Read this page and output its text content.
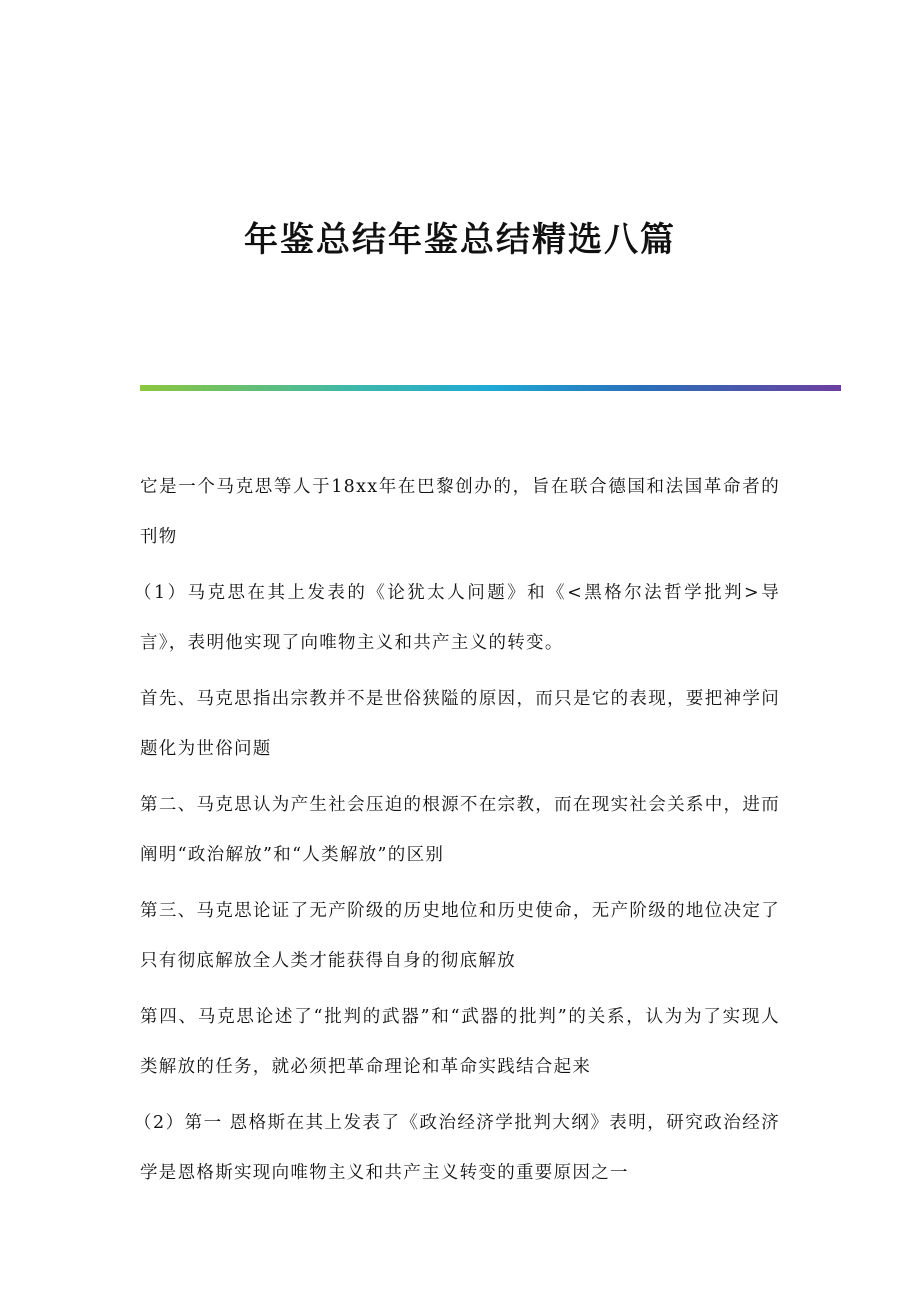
年鉴总结年鉴总结精选八篇

它是一个马克思等人于18xx年在巴黎创办的，旨在联合德国和法国革命者的刊物

（1）马克思在其上发表的《论犹太人问题》和《<黑格尔法哲学批判>导言》，表明他实现了向唯物主义和共产主义的转变。

首先、马克思指出宗教并不是世俗狭隘的原因，而只是它的表现，要把神学问题化为世俗问题

第二、马克思认为产生社会压迫的根源不在宗教，而在现实社会关系中，进而阐明“政治解放”和“人类解放”的区别

第三、马克思论证了无产阶级的历史地位和历史使命，无产阶级的地位决定了只有彻底解放全人类才能获得自身的彻底解放

第四、马克思论述了“批判的武器”和“武器的批判”的关系，认为为了实现人类解放的任务，就必须把革命理论和革命实践结合起来

（2）第一 恩格斯在其上发表了《政治经济学批判大纲》表明，研究政治经济学是恩格斯实现向唯物主义和共产主义转变的重要原因之一
